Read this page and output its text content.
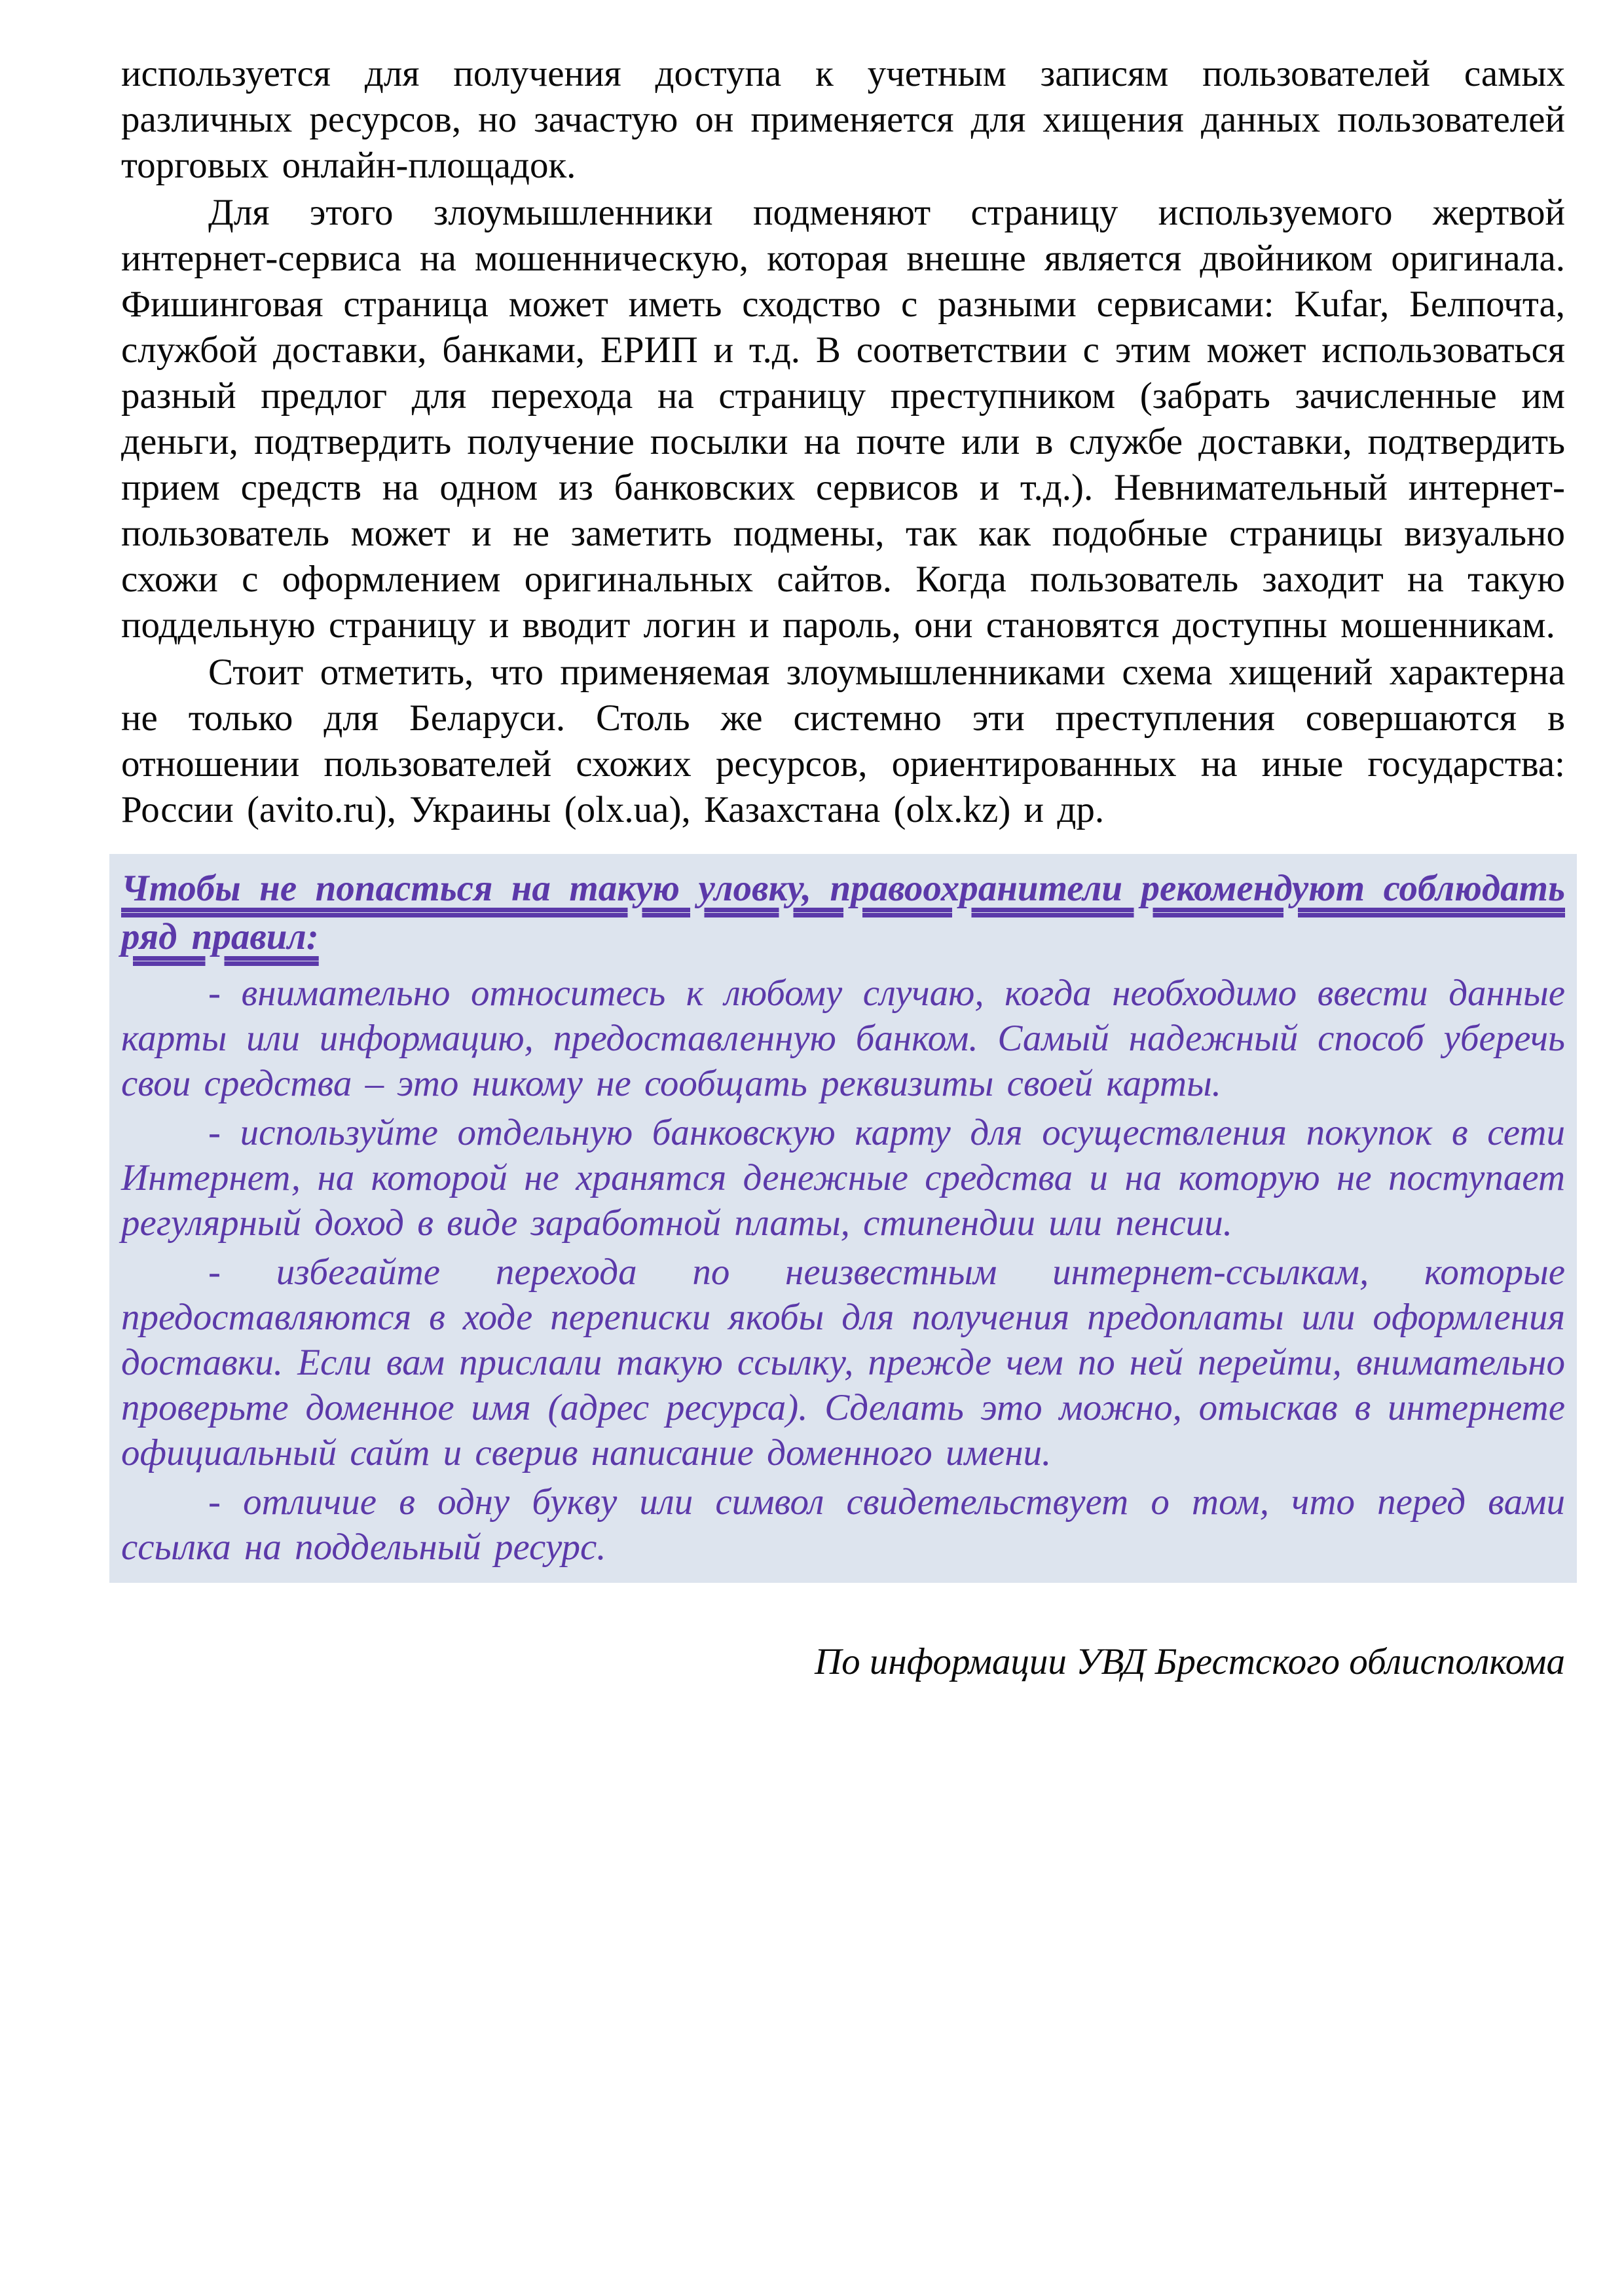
используется для получения доступа к учетным записям пользователей самых различных ресурсов, но зачастую он применяется для хищения данных пользователей торговых онлайн-площадок.

Для этого злоумышленники подменяют страницу используемого жертвой интернет-сервиса на мошенническую, которая внешне является двойником оригинала. Фишинговая страница может иметь сходство с разными сервисами: Kufar, Белпочта, службой доставки, банками, ЕРИП и т.д. В соответствии с этим может использоваться разный предлог для перехода на страницу преступником (забрать зачисленные им деньги, подтвердить получение посылки на почте или в службе доставки, подтвердить прием средств на одном из банковских сервисов и т.д.). Невнимательный интернет-пользователь может и не заметить подмены, так как подобные страницы визуально схожи с оформлением оригинальных сайтов. Когда пользователь заходит на такую поддельную страницу и вводит логин и пароль, они становятся доступны мошенникам.

Стоит отметить, что применяемая злоумышленниками схема хищений характерна не только для Беларуси. Столь же системно эти преступления совершаются в отношении пользователей схожих ресурсов, ориентированных на иные государства: России (avito.ru), Украины (olx.ua), Казахстана (olx.kz) и др.

Чтобы не попасться на такую уловку, правоохранители рекомендуют соблюдать ряд правил:

- внимательно относитесь к любому случаю, когда необходимо ввести данные карты или информацию, предоставленную банком. Самый надежный способ уберечь свои средства – это никому не сообщать реквизиты своей карты.

- используйте отдельную банковскую карту для осуществления покупок в сети Интернет, на которой не хранятся денежные средства и на которую не поступает регулярный доход в виде заработной платы, стипендии или пенсии.

- избегайте перехода по неизвестным интернет-ссылкам, которые предоставляются в ходе переписки якобы для получения предоплаты или оформления доставки. Если вам прислали такую ссылку, прежде чем по ней перейти, внимательно проверьте доменное имя (адрес ресурса). Сделать это можно, отыскав в интернете официальный сайт и сверив написание доменного имени.

- отличие в одну букву или символ свидетельствует о том, что перед вами ссылка на поддельный ресурс.

По информации УВД Брестского облисполкома
